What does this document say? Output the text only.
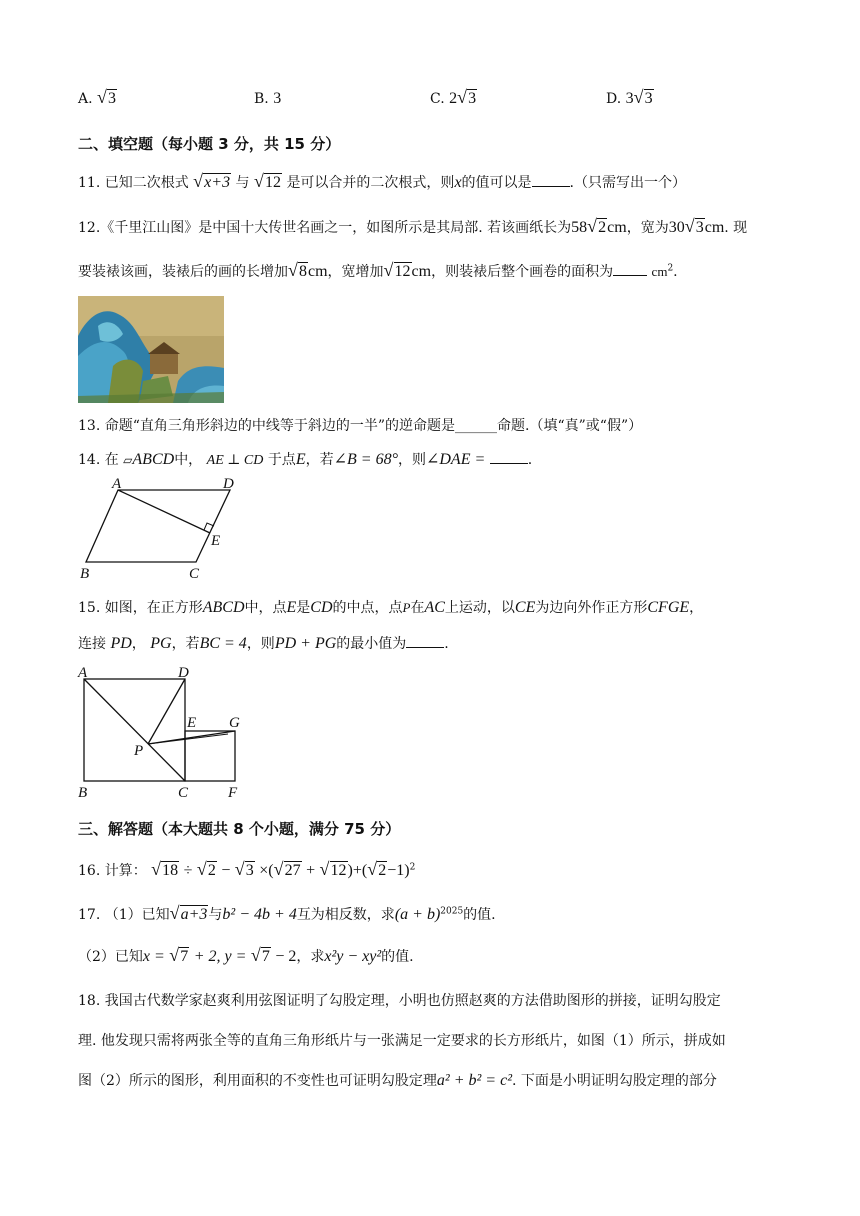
A. √ 3	B. 3	C. 2 √ 3	D. 3 √ 3
二、填空题（每小题 3 分，共 15 分）
11. 已知二次根式 √ x+3 与 √ 12 是可以合并的二次根式，则x的值可以是	.（只需写出一个）
12.《千里江山图》是中国十大传世名画之一，如图所示是其局部. 若该画纸长为58 √ 2cm，宽为30 √ 3cm. 现
要装裱该画，装裱后的画的长增加 √ 8cm，宽增加 √ 12cm，则装裱后整个画卷的面积为	$cm^2$.
13. 命题“直角三角形斜边的中线等于斜边的一半”的逆命题是______命题.（填“真”或“假”）
14. 在 ▱ABCD中， AE ⊥ CD 于点E，若∠B = 68°，则∠DAE =	.
A	D
B	C
E
15. 如图，在正方形ABCD中，点E是CD的中点，点P在AC上运动，以CE为边向外作正方形CFGE，
连接 PD， PG，若BC = 4，则PD + PG的最小值为	.
A	D
B	C	F
E G
P
三、解答题（本大题共 8 个小题，满分 75 分）
16. 计算： √ 18 ÷ √ 2 − √ 3 ×( √ 27 + √ 12)+( √ 2−1)$^2$
17. （1）已知 √ a+3与b² − 4b + 4互为相反数，求$(a + b)^{2025}$的值.
（2）已知x = √ 7 + 2, y = √ 7 − 2，求x²y − xy²的值.
18. 我国古代数学家赵爽利用弦图证明了勾股定理，小明也仿照赵爽的方法借助图形的拼接，证明勾股定
理. 他发现只需将两张全等的直角三角形纸片与一张满足一定要求的长方形纸片，如图（1）所示，拼成如
图（2）所示的图形，利用面积的不变性也可证明勾股定理a² + b² = c². 下面是小明证明勾股定理的部分
